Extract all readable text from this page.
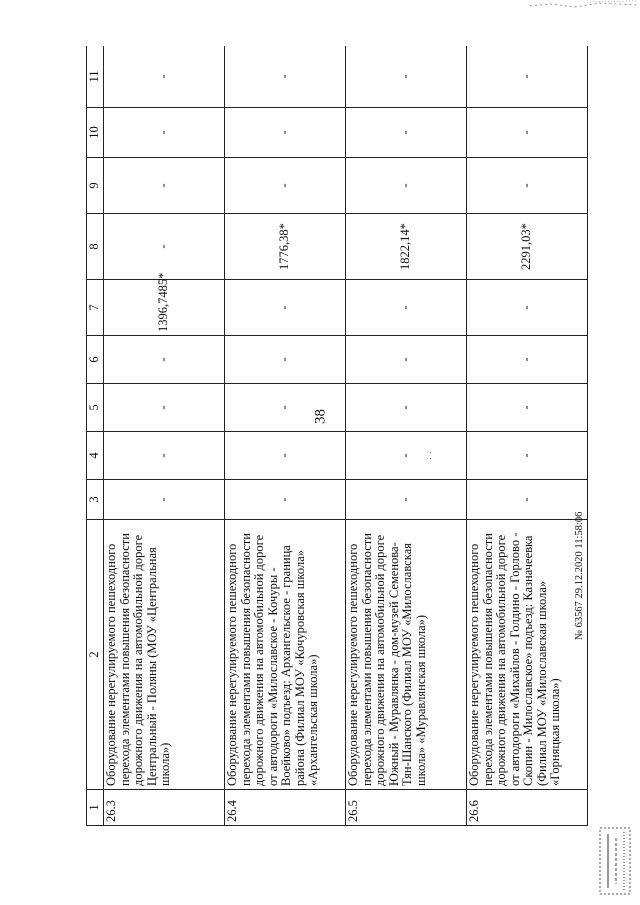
38
1	2	3	4	5	6	7	8	9	10	11
26.3	Оборудование нерегулируемого пешеходного перехода элементами повышения безопасности дорожного движения на автомобильной дороге Центральный - Поляны (МОУ «Центральная школа»)	-	-	-	-	1396,7485*	-	-	-	-
26.4	Оборудование нерегулируемого пешеходного перехода элементами повышения безопасности дорожного движения на автомобильной дороге от автодороги «Милославское - Кочуры - Воейково» подъезд: Архангельское - граница района (Филиал МОУ «Кочуровская школа» «Архангельская школа»)	-	-	-	-	-	1776,38*	-	-	-
26.5	Оборудование нерегулируемого пешеходного перехода элементами повышения безопасности дорожного движения на автомобильной дороге Южный - Муравлянка - дом-музей Семенова-Тян-Шанского (Филиал МОУ «Милославская школа» «Муравлянская школа»)	-	-	-	-	-	1822,14*	-	-	-
26.6	Оборудование нерегулируемого пешеходного перехода элементами повышения безопасности дорожного движения на автомобильной дороге от автодороги «Михайлов - Голдино - Горлово - Скопин - Милославское» подъезд: Казначеевка (Филиал МОУ «Милославская школа» «Горняцкая школа»)	-	-	-	-	-	2291,03*	-	-	-
˙ ˙
№ 63567 29.12.2020 11:58:06
